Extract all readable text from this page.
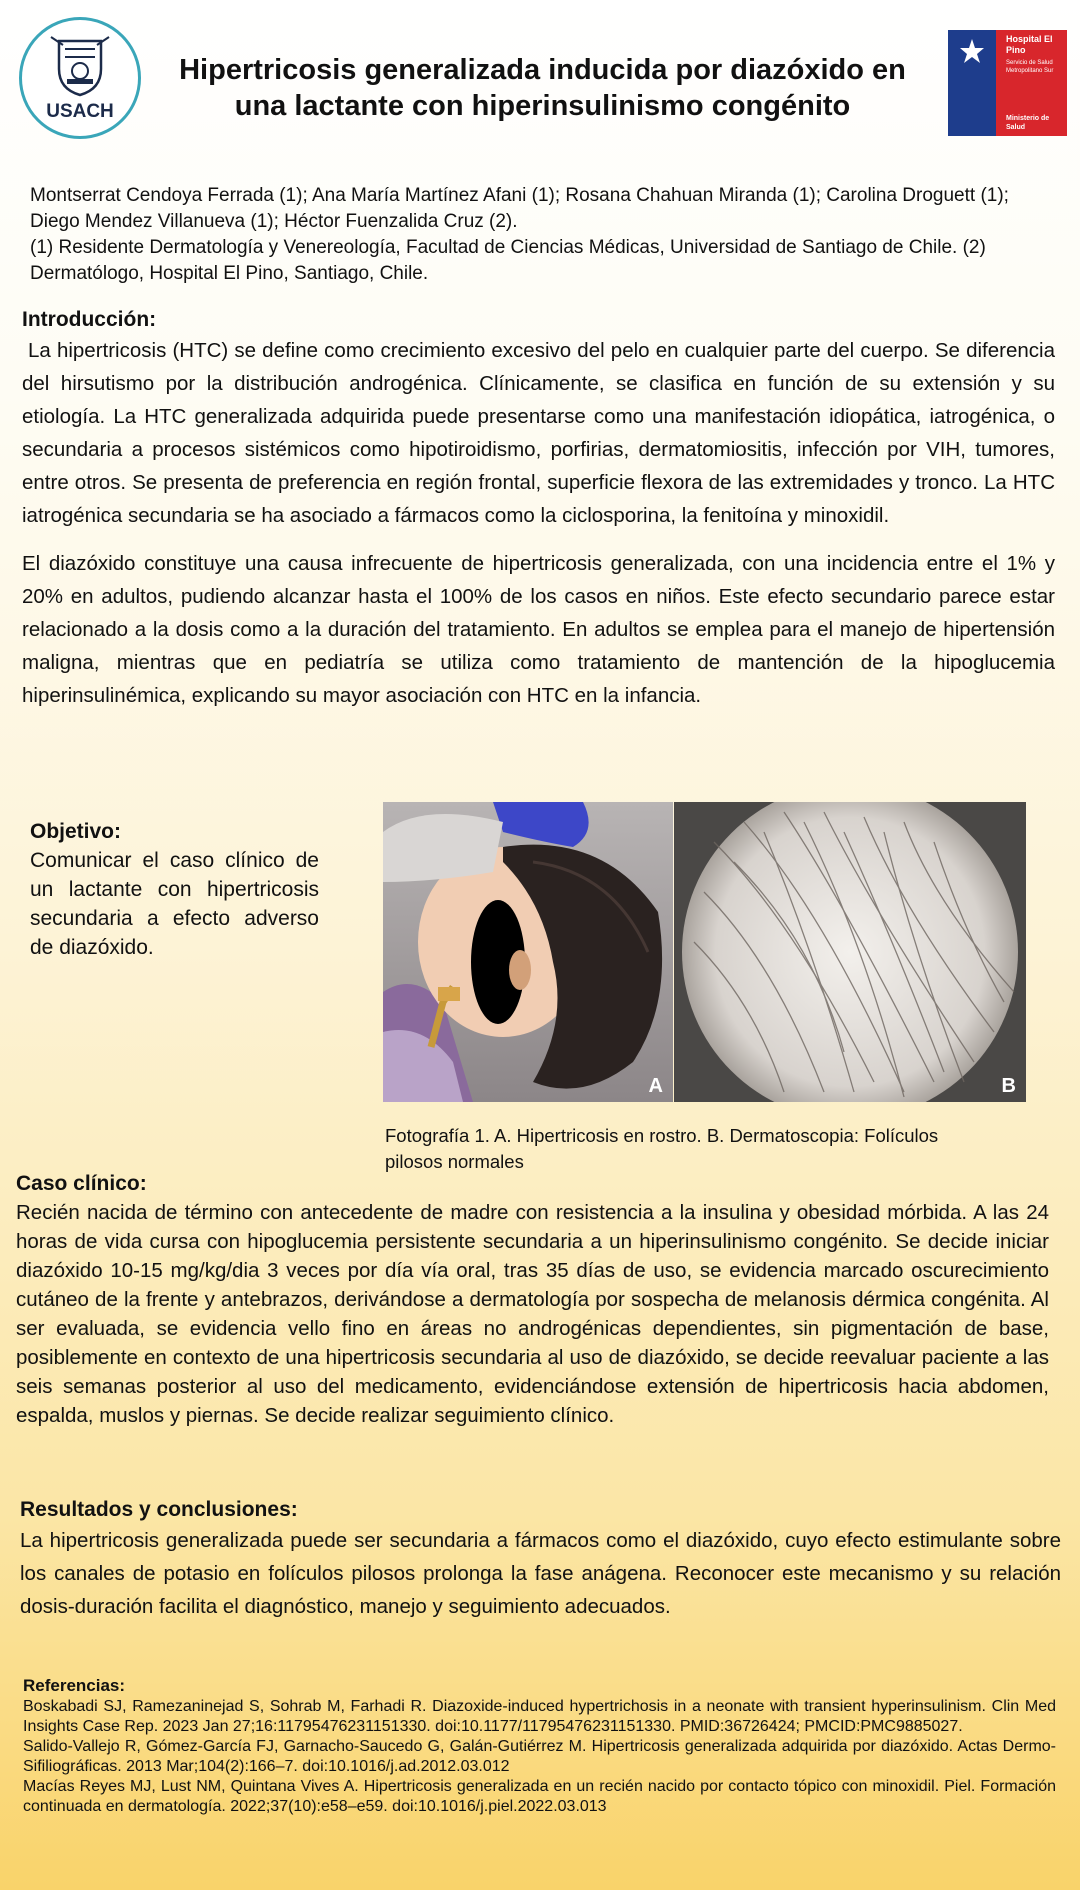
USACH
Hipertricosis generalizada inducida por diazóxido en una lactante con hiperinsulinismo congénito
Hospital El Pino
Servicio de Salud Metropolitano Sur
Ministerio de Salud

Montserrat Cendoya Ferrada (1); Ana María Martínez Afani (1); Rosana Chahuan Miranda (1); Carolina Droguett (1); Diego Mendez Villanueva (1); Héctor Fuenzalida Cruz (2).

(1) Residente Dermatología y Venereología, Facultad de Ciencias Médicas, Universidad de Santiago de Chile. (2) Dermatólogo, Hospital El Pino, Santiago, Chile.

Introducción:

La hipertricosis (HTC) se define como crecimiento excesivo del pelo en cualquier parte del cuerpo. Se diferencia del hirsutismo por la distribución androgénica. Clínicamente, se clasifica en función de su extensión y su etiología. La HTC generalizada adquirida puede presentarse como una manifestación idiopática, iatrogénica, o secundaria a procesos sistémicos como hipotiroidismo, porfirias, dermatomiositis, infección por VIH, tumores, entre otros. Se presenta de preferencia en región frontal, superficie flexora de las extremidades y tronco. La HTC iatrogénica secundaria se ha asociado a fármacos como la ciclosporina, la fenitoína y minoxidil.

El diazóxido constituye una causa infrecuente de hipertricosis generalizada, con una incidencia entre el 1% y 20% en adultos, pudiendo alcanzar hasta el 100% de los casos en niños. Este efecto secundario parece estar relacionado a la dosis como a la duración del tratamiento. En adultos se emplea para el manejo de hipertensión maligna, mientras que en pediatría se utiliza como tratamiento de mantención de la hipoglucemia hiperinsulinémica, explicando su mayor asociación con HTC en la infancia.

Objetivo:

Comunicar el caso clínico de un lactante con hipertricosis secundaria a efecto adverso de diazóxido.

A	B
Fotografía 1. A. Hipertricosis en rostro. B. Dermatoscopia: Folículos pilosos normales
Caso clínico:

Recién nacida de término con antecedente de madre con resistencia a la insulina y obesidad mórbida. A las 24 horas de vida cursa con hipoglucemia persistente secundaria a un hiperinsulinismo congénito. Se decide iniciar diazóxido 10-15 mg/kg/dia 3 veces por día vía oral, tras 35 días de uso, se evidencia marcado oscurecimiento cutáneo de la frente y antebrazos, derivándose a dermatología por sospecha de melanosis dérmica congénita. Al ser evaluada, se evidencia vello fino en áreas no androgénicas dependientes, sin pigmentación de base, posiblemente en contexto de una hipertricosis secundaria al uso de diazóxido, se decide reevaluar paciente a las seis semanas posterior al uso del medicamento, evidenciándose extensión de hipertricosis hacia abdomen, espalda, muslos y piernas. Se decide realizar seguimiento clínico.

Resultados y conclusiones:

La hipertricosis generalizada puede ser secundaria a fármacos como el diazóxido, cuyo efecto estimulante sobre los canales de potasio en folículos pilosos prolonga la fase anágena. Reconocer este mecanismo y su relación dosis-duración facilita el diagnóstico, manejo y seguimiento adecuados.

Referencias:

Boskabadi SJ, Ramezaninejad S, Sohrab M, Farhadi R. Diazoxide-induced hypertrichosis in a neonate with transient hyperinsulinism. Clin Med Insights Case Rep. 2023 Jan 27;16:11795476231151330. doi:10.1177/11795476231151330. PMID:36726424; PMCID:PMC9885027.

Salido-Vallejo R, Gómez-García FJ, Garnacho-Saucedo G, Galán-Gutiérrez M. Hipertricosis generalizada adquirida por diazóxido. Actas Dermo-Sifiliográficas. 2013 Mar;104(2):166–7. doi:10.1016/j.ad.2012.03.012

Macías Reyes MJ, Lust NM, Quintana Vives A. Hipertricosis generalizada en un recién nacido por contacto tópico con minoxidil. Piel. Formación continuada en dermatología. 2022;37(10):e58–e59. doi:10.1016/j.piel.2022.03.013
